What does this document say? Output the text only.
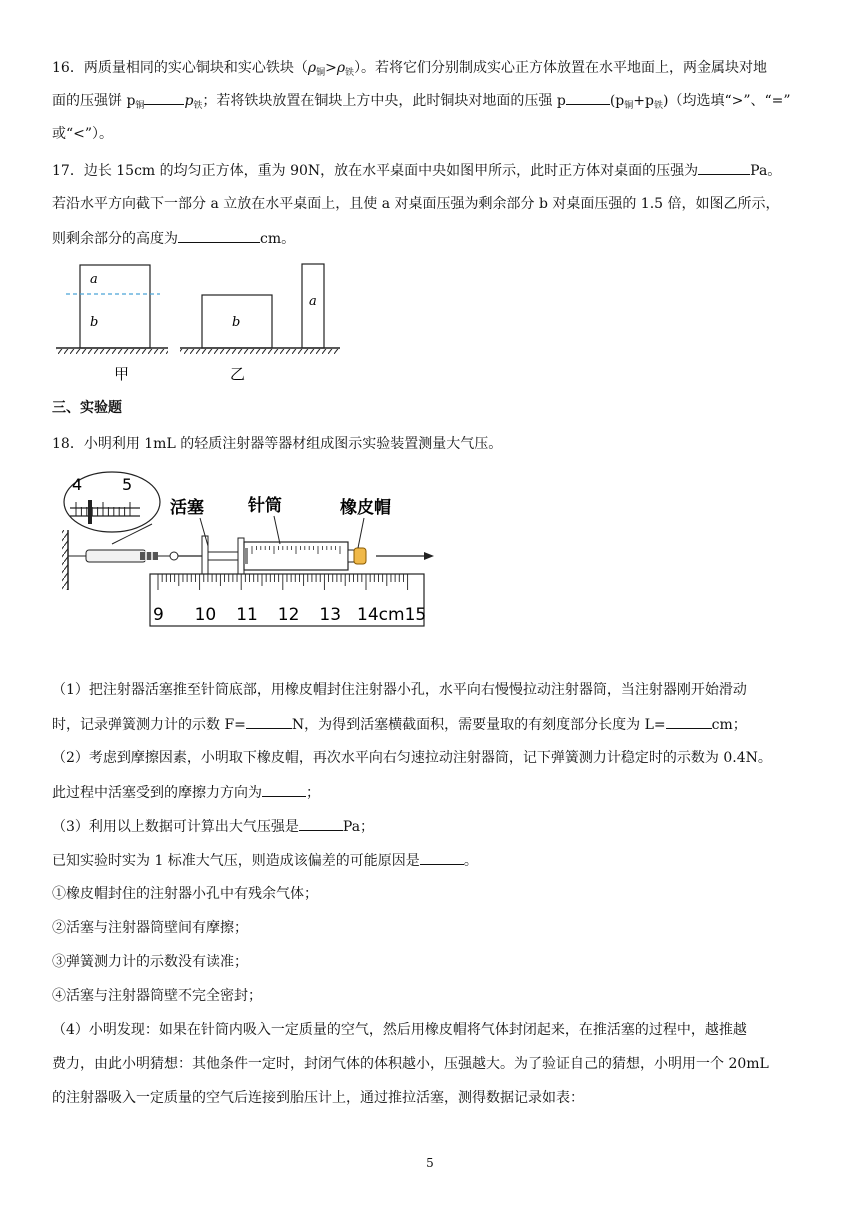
16．两质量相同的实心铜块和实心铁块$(\rho_铜>\rho_铁)$。若将它们分别制成实心正方体放置在水平地面上，两金属块对地
面的压强饼 $p_铜$	$p_铁$；若将铁块放置在铜块上方中央，此时铜块对地面的压强 p	$(p_铜+p_铁)$（均选填“>”、“=”
或“<”）。
17．边长 15cm 的均匀正方体，重为 90N，放在水平桌面中央如图甲所示，此时正方体对桌面的压强为	Pa。
若沿水平方向截下一部分 a 立放在水平桌面上，且使 a 对桌面压强为剩余部分 b 对桌面压强的 1.5 倍，如图乙所示，
则剩余部分的高度为	cm。
a
b	b
a
甲	乙
三、实验题
18．小明利用 1mL 的轻质注射器等器材组成图示实验装置测量大气压。
4 5
活塞	针筒	橡皮帽
9 10 11 12 13 14cm 15
（1）把注射器活塞推至针筒底部，用橡皮帽封住注射器小孔，水平向右慢慢拉动注射器筒，当注射器刚开始滑动
时，记录弹簧测力计的示数 F=	N，为得到活塞横截面积，需要量取的有刻度部分长度为 L=	cm；
（2）考虑到摩擦因素，小明取下橡皮帽，再次水平向右匀速拉动注射器筒，记下弹簧测力计稳定时的示数为 0.4N。
此过程中活塞受到的摩擦力方向为	；
（3）利用以上数据可计算出大气压强是	Pa；
已知实验时实为 1 标准大气压，则造成该偏差的可能原因是	。
①橡皮帽封住的注射器小孔中有残余气体；
②活塞与注射器筒壁间有摩擦；
③弹簧测力计的示数没有读准；
④活塞与注射器筒壁不完全密封；
（4）小明发现：如果在针筒内吸入一定质量的空气，然后用橡皮帽将气体封闭起来，在推活塞的过程中，越推越
费力，由此小明猜想：其他条件一定时，封闭气体的体积越小，压强越大。为了验证自己的猜想，小明用一个 20mL
的注射器吸入一定质量的空气后连接到胎压计上，通过推拉活塞，测得数据记录如表：
5
